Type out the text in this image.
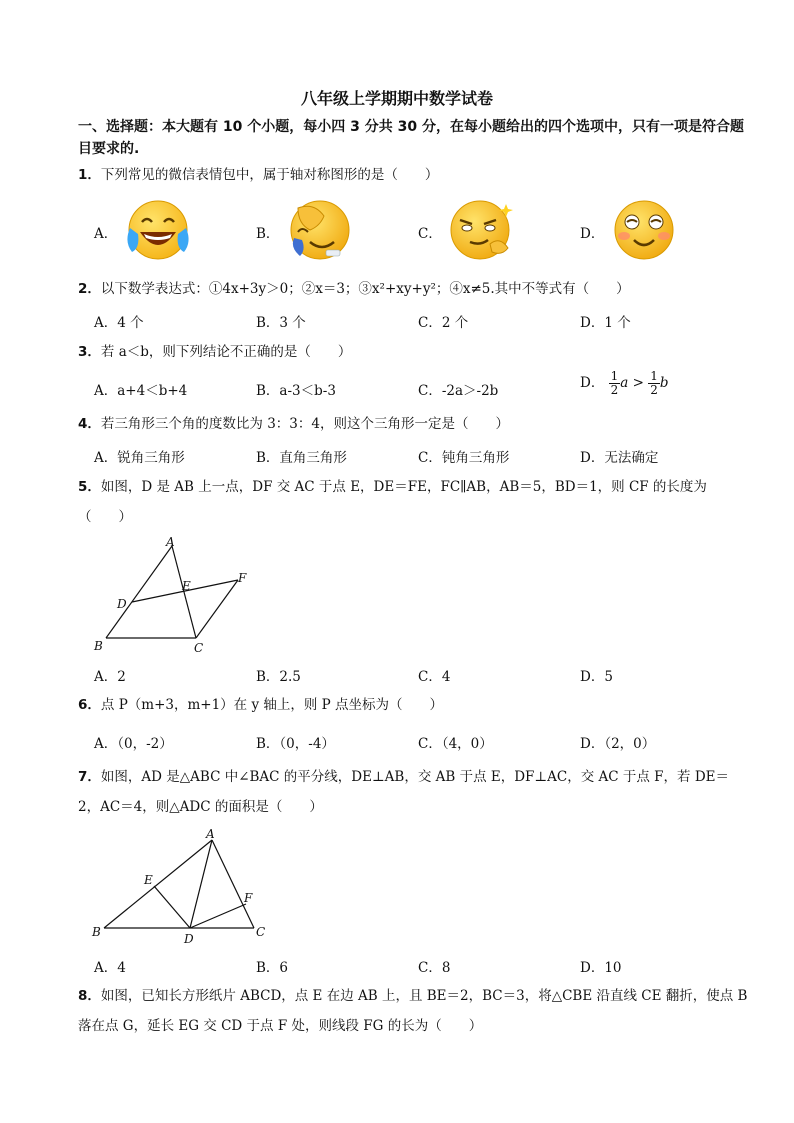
八年级上学期期中数学试卷
一、选择题：本大题有 10 个小题，每小四 3 分共 30 分，在每小题给出的四个选项中，只有一项是符合题目要求的.
1．下列常见的微信表情包中，属于轴对称图形的是（　　）
A．	B．	C．	D．
2．以下数学表达式：①4x+3y＞0；②x＝3；③x²+xy+y²；④x≠5.其中不等式有（　　）
A．4 个	B．3 个	C．2 个	D．1 个
3．若 a＜b，则下列结论不正确的是（　　）
A．a+4＜b+4	B．a-3＜b-3	C．-2a＞-2b	D． $\frac{1}{2}$ $a > \frac{1}{2}$ b
4．若三角形三个角的度数比为 3：3：4，则这个三角形一定是（　　）
A．锐角三角形	B．直角三角形	C．钝角三角形	D．无法确定
5．如图，D 是 AB 上一点，DF 交 AC 于点 E，DE＝FE，FC∥AB，AB＝5，BD＝1，则 CF 的长度为（　　）
A
B	C
D
E
F
A．2	B．2.5	C．4	D．5
6．点 P（m+3，m+1）在 y 轴上，则 P 点坐标为（　　）
A．（0，-2）	B．（0，-4）	C．（4，0）	D．（2，0）
7．如图，AD 是△ABC 中∠BAC 的平分线，DE⊥AB，交 AB 于点 E，DF⊥AC，交 AC 于点 F，若 DE＝2，AC＝4，则△ADC 的面积是（　　）
A
B	C
D
E
F
A．4	B．6	C．8	D．10
8．如图，已知长方形纸片 ABCD，点 E 在边 AB 上，且 BE＝2，BC＝3，将△CBE 沿直线 CE 翻折，使点 B 落在点 G，延长 EG 交 CD 于点 F 处，则线段 FG 的长为（　　）
